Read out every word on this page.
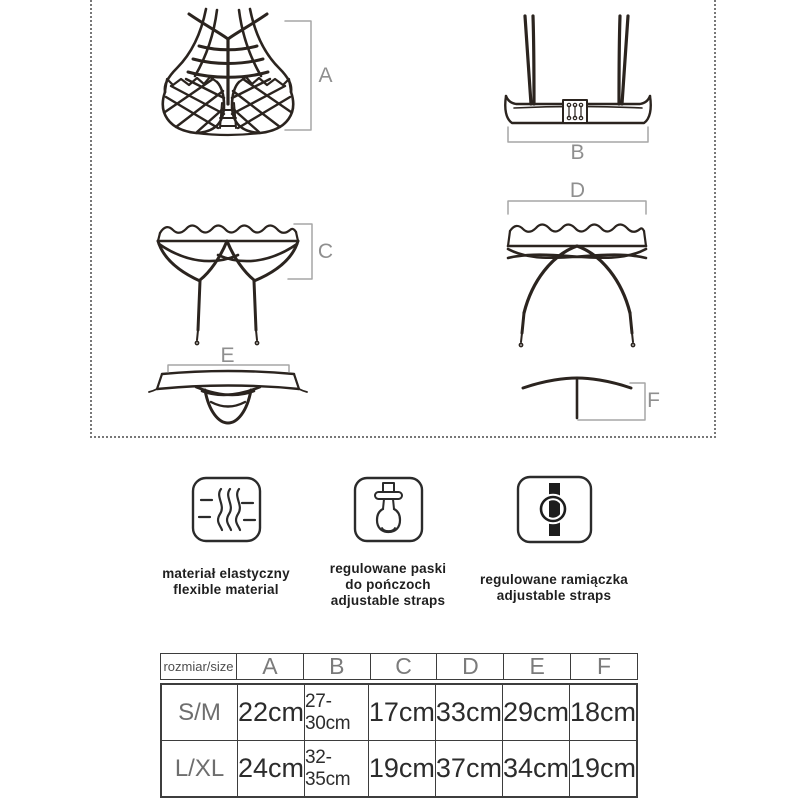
A
B
C
D
E
F
materiał elastyczny
flexible material
regulowane paski
do pończoch
adjustable straps
regulowane ramiączka
adjustable straps
rozmiar/size	A	B	C	D	E	F
S/M 22cm 27-30cm 17cm 33cm 29cm 18cm
L/XL 24cm 32-35cm 19cm 37cm 34cm 19cm
